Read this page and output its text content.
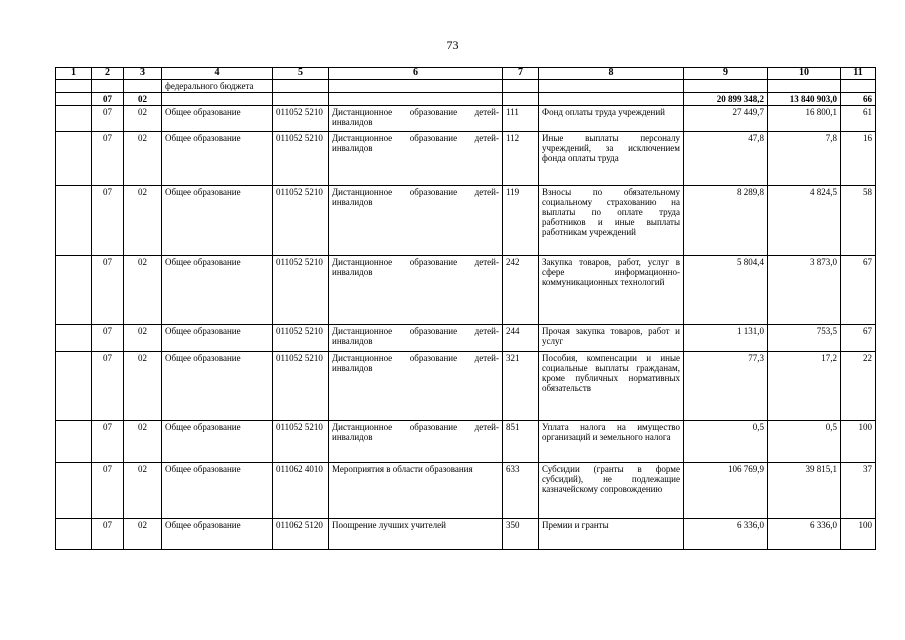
73
1	2	3	4	5	6	7	8	9	10	11
			федерального бюджета							
	07	02						20 899 348,2	13 840 903,0	66
	07	02	Общее образование	011052 5210	Дистанционное образование детей-инвалидов	111	Фонд оплаты труда учреждений	27 449,7	16 800,1	61
	07	02	Общее образование	011052 5210	Дистанционное образование детей-инвалидов	112	Иные выплаты персоналу учреждений, за исключением фонда оплаты труда	47,8	7,8	16
	07	02	Общее образование	011052 5210	Дистанционное образование детей-инвалидов	119	Взносы по обязательному социальному страхованию на выплаты по оплате труда работников и иные выплаты работникам учреждений	8 289,8	4 824,5	58
	07	02	Общее образование	011052 5210	Дистанционное образование детей-инвалидов	242	Закупка товаров, работ, услуг в сфере информационно-коммуникационных технологий	5 804,4	3 873,0	67
	07	02	Общее образование	011052 5210	Дистанционное образование детей-инвалидов	244	Прочая закупка товаров, работ и услуг	1 131,0	753,5	67
	07	02	Общее образование	011052 5210	Дистанционное образование детей-инвалидов	321	Пособия, компенсации и иные социальные выплаты гражданам, кроме публичных нормативных обязательств	77,3	17,2	22
	07	02	Общее образование	011052 5210	Дистанционное образование детей-инвалидов	851	Уплата налога на имущество организаций и земельного налога	0,5	0,5	100
	07	02	Общее образование	011062 4010	Мероприятия в области образования	633	Субсидии (гранты в форме субсидий), не подлежащие казначейскому сопровождению	106 769,9	39 815,1	37
	07	02	Общее образование	011062 5120	Поощрение лучших учителей	350	Премии и гранты	6 336,0	6 336,0	100
